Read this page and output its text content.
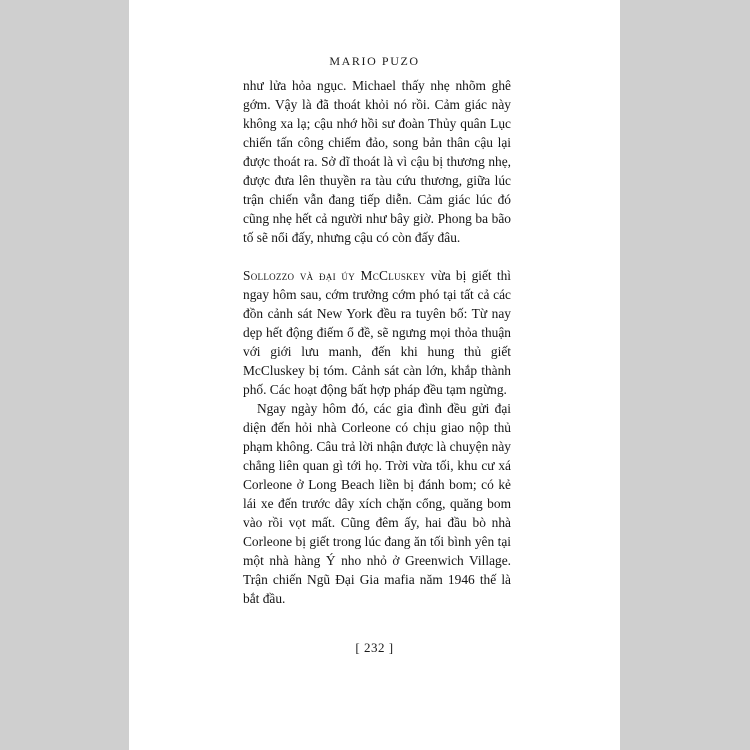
MARIO PUZO

như lửa hỏa ngục. Michael thấy nhẹ nhõm ghê gớm. Vậy là đã thoát khỏi nó rồi. Cảm giác này không xa lạ; cậu nhớ hồi sư đoàn Thủy quân Lục chiến tấn công chiếm đảo, song bản thân cậu lại được thoát ra. Sở dĩ thoát là vì cậu bị thương nhẹ, được đưa lên thuyền ra tàu cứu thương, giữa lúc trận chiến vẫn đang tiếp diễn. Cảm giác lúc đó cũng nhẹ hết cả người như bây giờ. Phong ba bão tố sẽ nổi đấy, nhưng cậu có còn đấy đâu.

Sollozzo và đại úy McCluskey vừa bị giết thì ngay hôm sau, cớm trưởng cớm phó tại tất cả các đồn cảnh sát New York đều ra tuyên bố: Từ nay dẹp hết động điếm ổ đề, sẽ ngưng mọi thỏa thuận với giới lưu manh, đến khi hung thủ giết McCluskey bị tóm. Cảnh sát càn lớn, khắp thành phố. Các hoạt động bất hợp pháp đều tạm ngừng.

Ngay ngày hôm đó, các gia đình đều gửi đại diện đến hỏi nhà Corleone có chịu giao nộp thủ phạm không. Câu trả lời nhận được là chuyện này chẳng liên quan gì tới họ. Trời vừa tối, khu cư xá Corleone ở Long Beach liền bị đánh bom; có kẻ lái xe đến trước dây xích chặn cổng, quăng bom vào rồi vọt mất. Cũng đêm ấy, hai đầu bò nhà Corleone bị giết trong lúc đang ăn tối bình yên tại một nhà hàng Ý nho nhỏ ở Greenwich Village. Trận chiến Ngũ Đại Gia mafia năm 1946 thế là bắt đầu.

[ 232 ]
